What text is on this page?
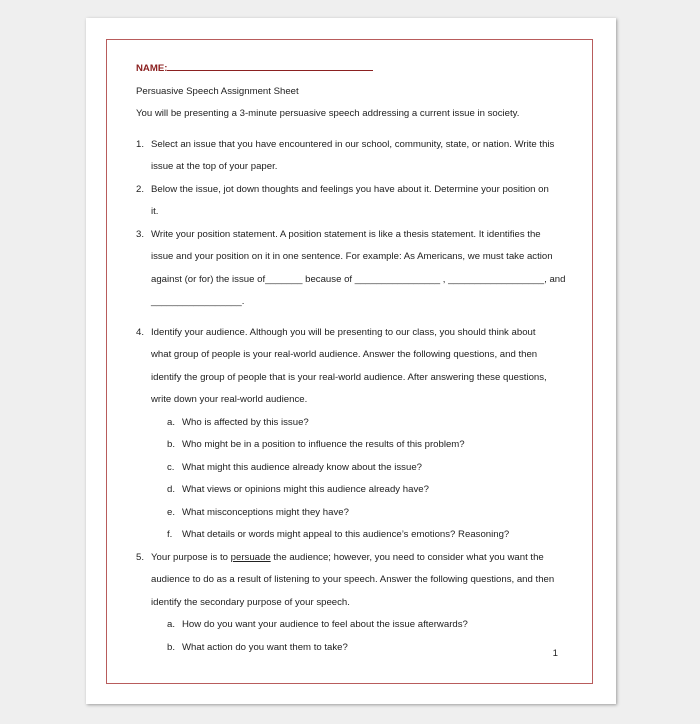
NAME:
Persuasive Speech Assignment Sheet
You will be presenting a 3-minute persuasive speech addressing a current issue in society.
1. Select an issue that you have encountered in our school, community, state, or nation. Write this
issue at the top of your paper.
2. Below the issue, jot down thoughts and feelings you have about it. Determine your position on
it.
3. Write your position statement. A position statement is like a thesis statement. It identifies the
issue and your position on it in one sentence. For example: As Americans, we must take action
against (or for) the issue of_______ because of ________________ , __________________, and
_________________.
4. Identify your audience. Although you will be presenting to our class, you should think about
what group of people is your real-world audience. Answer the following questions, and then
identify the group of people that is your real-world audience. After answering these questions,
write down your real-world audience.
a. Who is affected by this issue?
b. Who might be in a position to influence the results of this problem?
c. What might this audience already know about the issue?
d. What views or opinions might this audience already have?
e. What misconceptions might they have?
f. What details or words might appeal to this audience’s emotions? Reasoning?
5. Your purpose is to persuade the audience; however, you need to consider what you want the
audience to do as a result of listening to your speech. Answer the following questions, and then
identify the secondary purpose of your speech.
a. How do you want your audience to feel about the issue afterwards?
b. What action do you want them to take?
1
